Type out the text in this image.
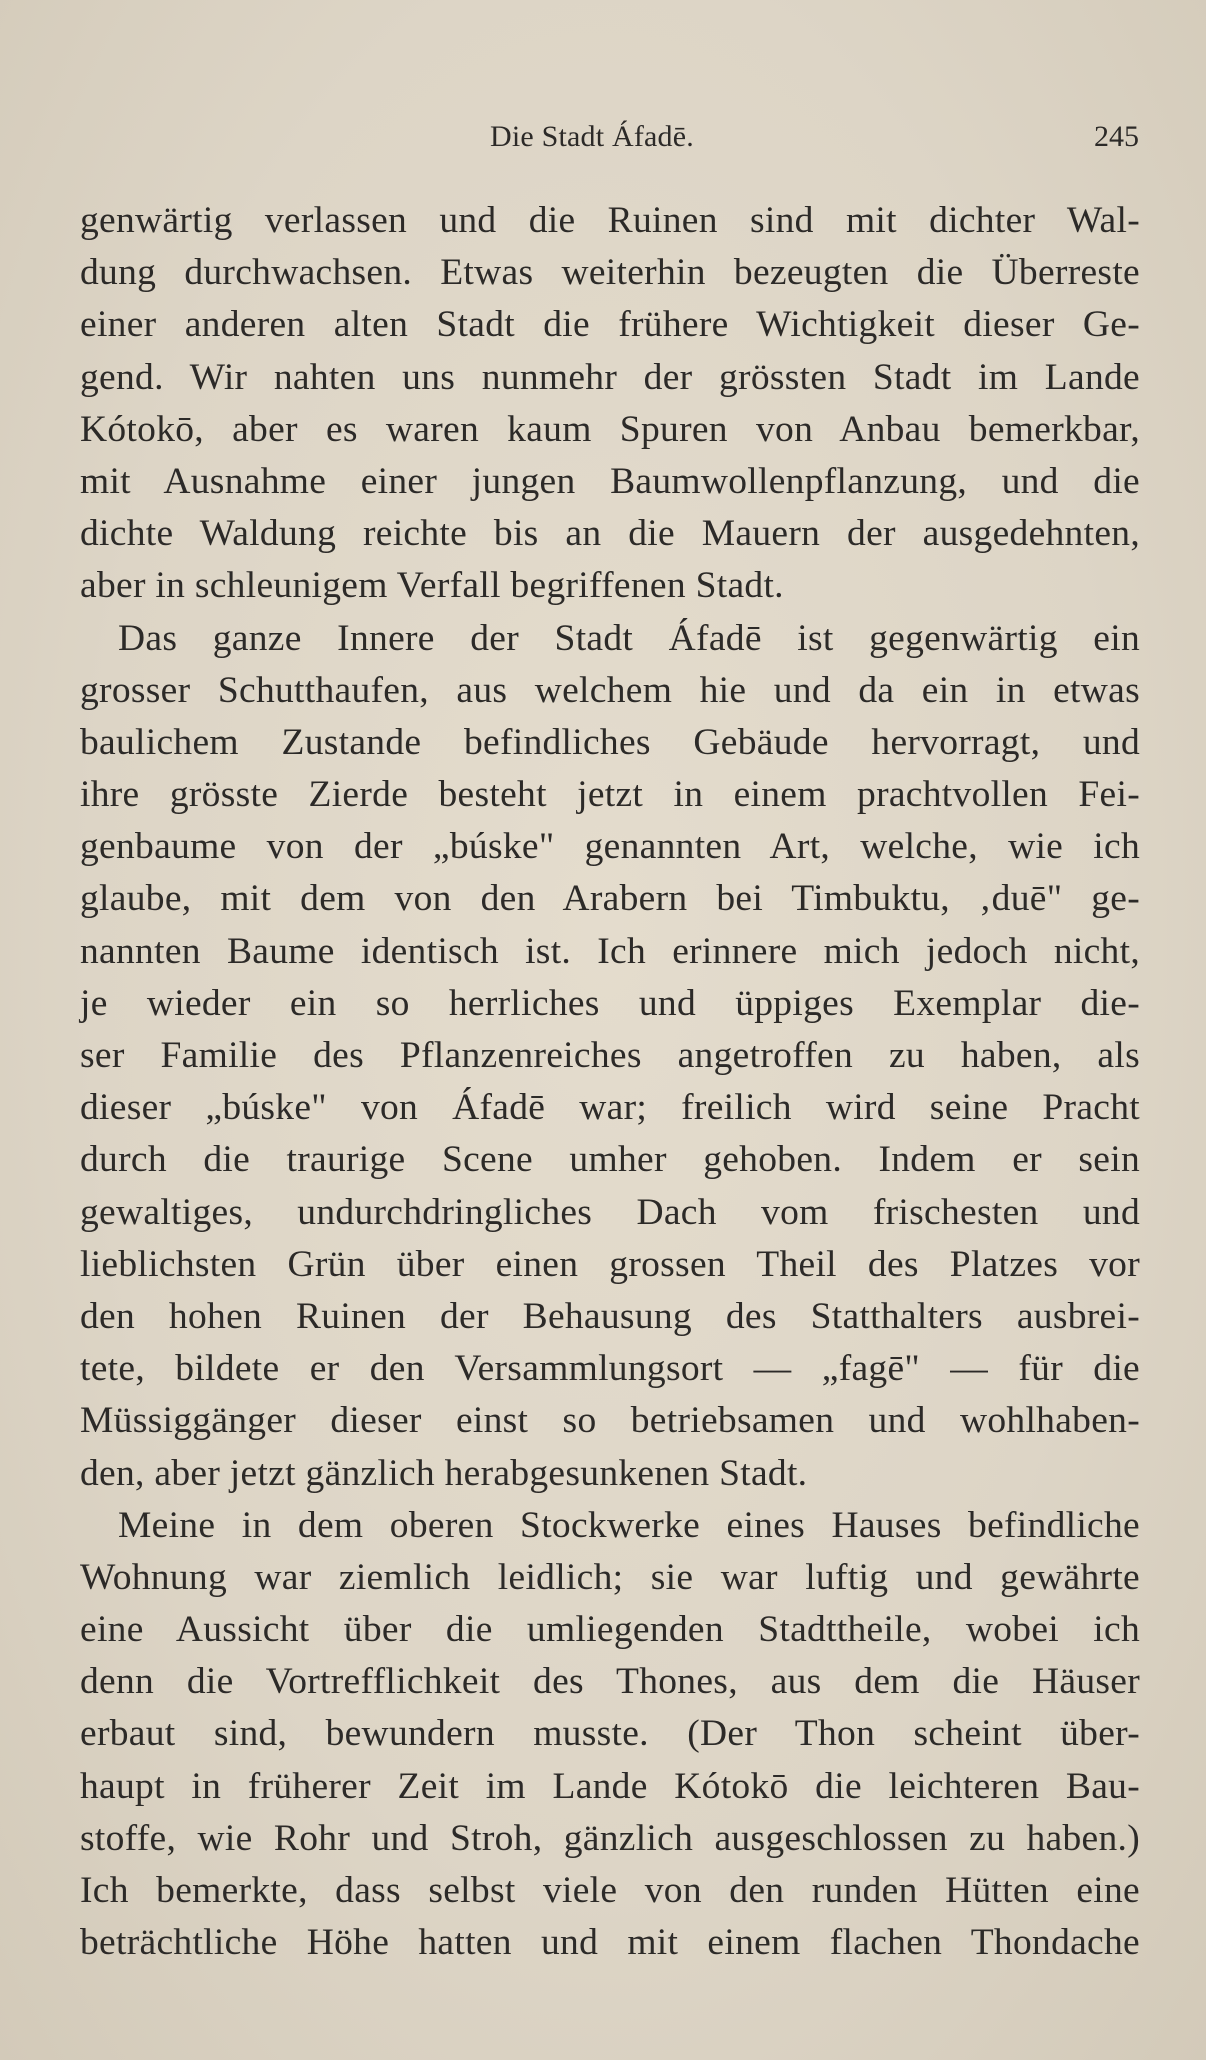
Die Stadt Áfadē.	245
genwärtig verlassen und die Ruinen sind mit dichter Wal-
dung durchwachsen. Etwas weiterhin bezeugten die Überreste
einer anderen alten Stadt die frühere Wichtigkeit dieser Ge-
gend. Wir nahten uns nunmehr der grössten Stadt im Lande
Kótokō, aber es waren kaum Spuren von Anbau bemerkbar,
mit Ausnahme einer jungen Baumwollenpflanzung, und die
dichte Waldung reichte bis an die Mauern der ausgedehnten,
aber in schleunigem Verfall begriffenen Stadt.
Das ganze Innere der Stadt Áfadē ist gegenwärtig ein
grosser Schutthaufen, aus welchem hie und da ein in etwas
baulichem Zustande befindliches Gebäude hervorragt, und
ihre grösste Zierde besteht jetzt in einem prachtvollen Fei-
genbaume von der „búske" genannten Art, welche, wie ich
glaube, mit dem von den Arabern bei Timbuktu, ‚duē" ge-
nannten Baume identisch ist. Ich erinnere mich jedoch nicht,
je wieder ein so herrliches und üppiges Exemplar die-
ser Familie des Pflanzenreiches angetroffen zu haben, als
dieser „búske" von Áfadē war; freilich wird seine Pracht
durch die traurige Scene umher gehoben. Indem er sein
gewaltiges, undurchdringliches Dach vom frischesten und
lieblichsten Grün über einen grossen Theil des Platzes vor
den hohen Ruinen der Behausung des Statthalters ausbrei-
tete, bildete er den Versammlungsort — „fagē" — für die
Müssiggänger dieser einst so betriebsamen und wohlhaben-
den, aber jetzt gänzlich herabgesunkenen Stadt.
Meine in dem oberen Stockwerke eines Hauses befindliche
Wohnung war ziemlich leidlich; sie war luftig und gewährte
eine Aussicht über die umliegenden Stadttheile, wobei ich
denn die Vortrefflichkeit des Thones, aus dem die Häuser
erbaut sind, bewundern musste. (Der Thon scheint über-
haupt in früherer Zeit im Lande Kótokō die leichteren Bau-
stoffe, wie Rohr und Stroh, gänzlich ausgeschlossen zu haben.)
Ich bemerkte, dass selbst viele von den runden Hütten eine
beträchtliche Höhe hatten und mit einem flachen Thondache
